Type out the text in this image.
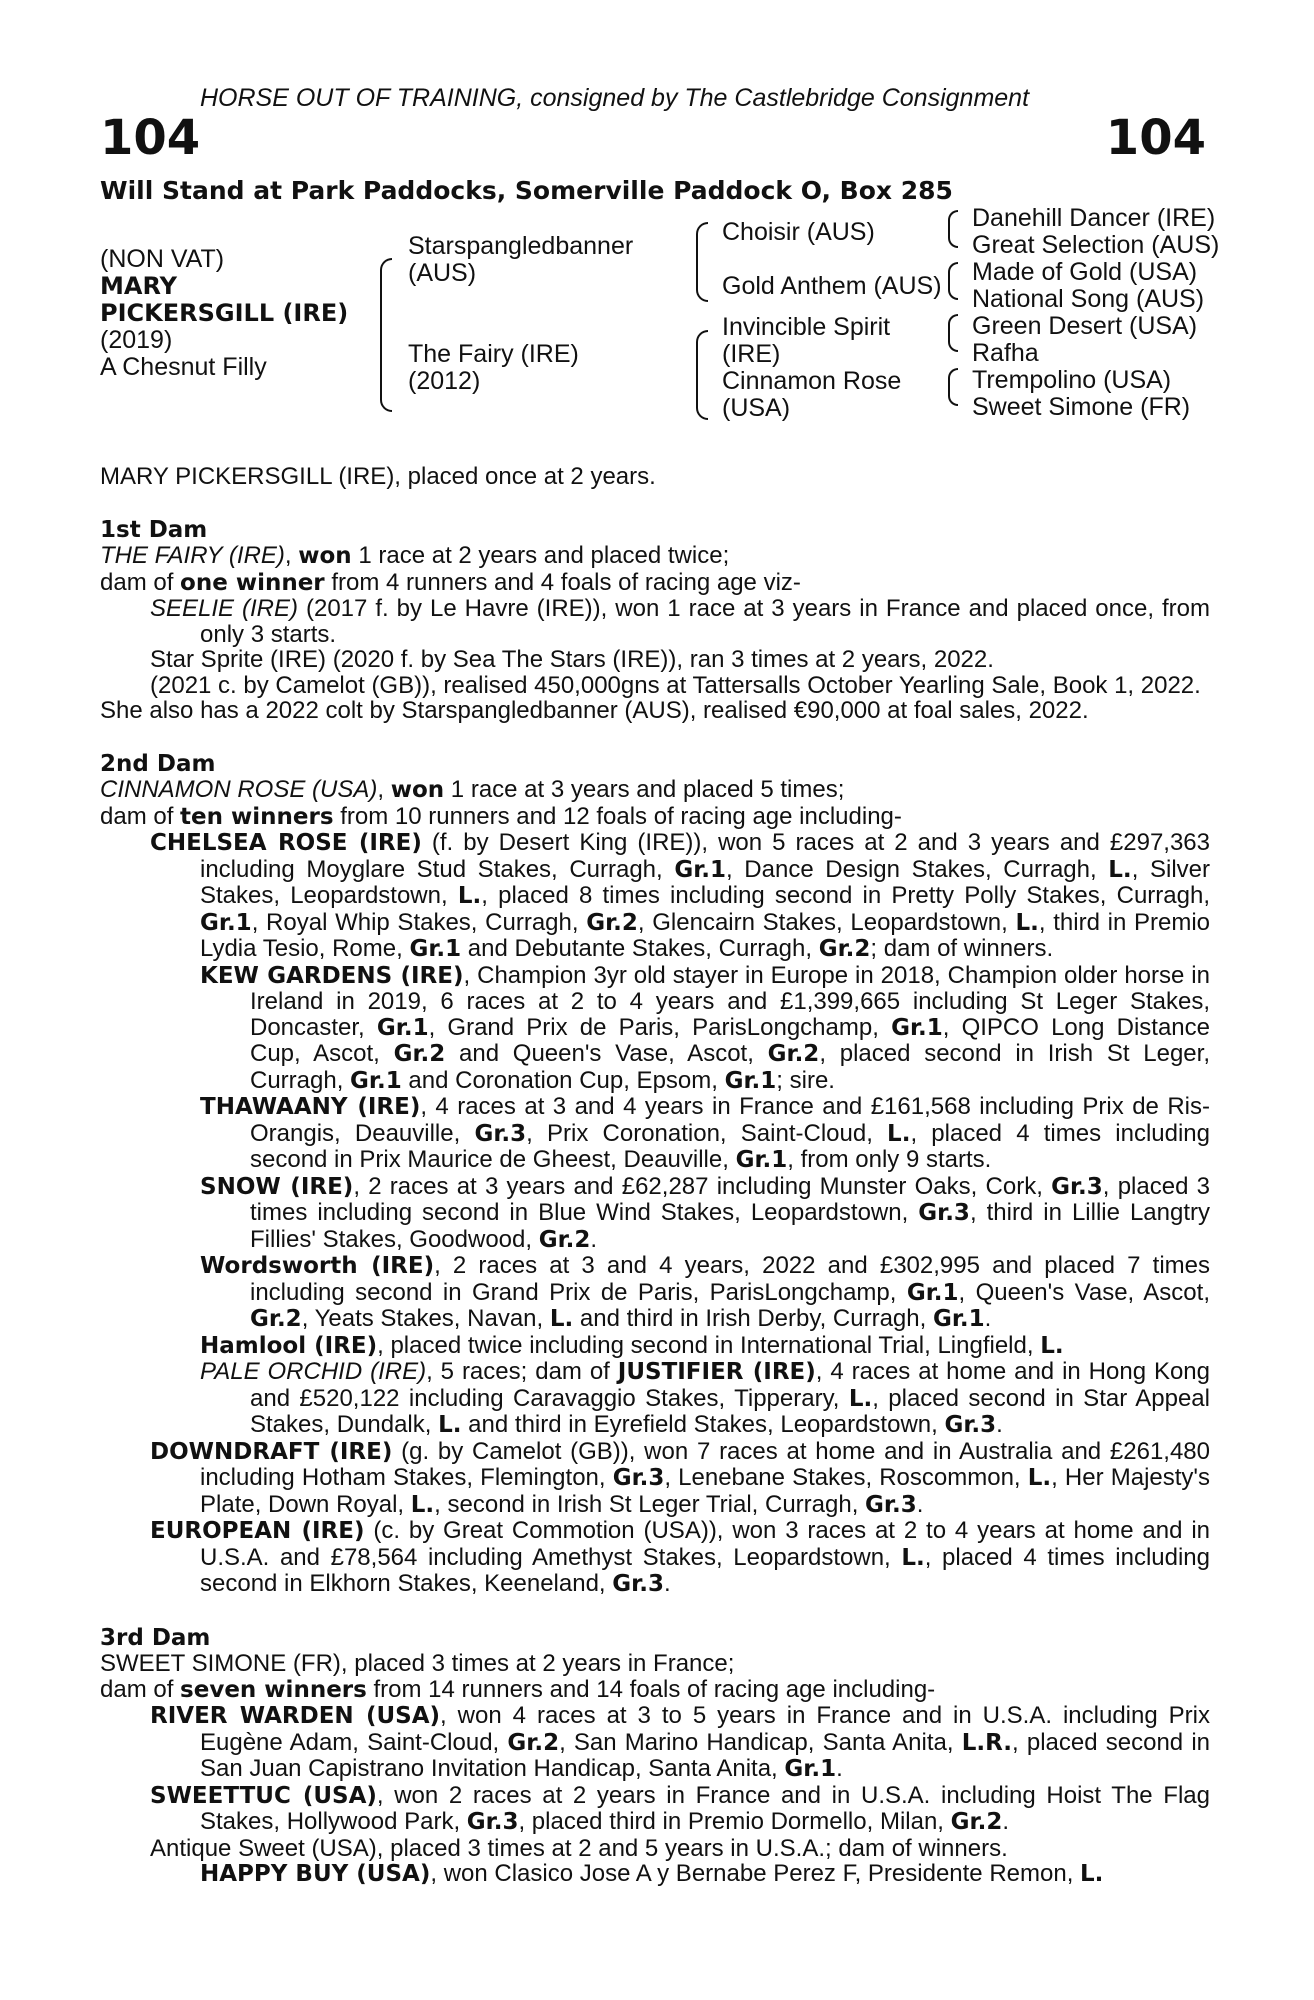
HORSE OUT OF TRAINING, consigned by The Castlebridge Consignment
104	104
Will Stand at Park Paddocks, Somerville Paddock O, Box 285
(NON VAT)
MARY
PICKERSGILL (IRE)
(2019)
A Chesnut Filly
Starspangledbanner
(AUS)
The Fairy (IRE)
(2012)
Choisir (AUS)
Gold Anthem (AUS)
Invincible Spirit
(IRE)
Cinnamon Rose
(USA)
Danehill Dancer (IRE)
Great Selection (AUS)
Made of Gold (USA)
National Song (AUS)
Green Desert (USA)
Rafha
Trempolino (USA)
Sweet Simone (FR)

MARY PICKERSGILL (IRE), placed once at 2 years.

1st Dam

THE FAIRY (IRE), won 1 race at 2 years and placed twice;

dam of one winner from 4 runners and 4 foals of racing age viz-

SEELIE (IRE) (2017 f. by Le Havre (IRE)), won 1 race at 3 years in France and placed once, from only 3 starts.

Star Sprite (IRE) (2020 f. by Sea The Stars (IRE)), ran 3 times at 2 years, 2022.

(2021 c. by Camelot (GB)), realised 450,000gns at Tattersalls October Yearling Sale, Book 1, 2022.

She also has a 2022 colt by Starspangledbanner (AUS), realised €90,000 at foal sales, 2022.

2nd Dam

CINNAMON ROSE (USA), won 1 race at 3 years and placed 5 times;

dam of ten winners from 10 runners and 12 foals of racing age including-

CHELSEA ROSE (IRE) (f. by Desert King (IRE)), won 5 races at 2 and 3 years and £297,363 including Moyglare Stud Stakes, Curragh, Gr.1, Dance Design Stakes, Curragh, L., Silver Stakes, Leopardstown, L., placed 8 times including second in Pretty Polly Stakes, Curragh, Gr.1, Royal Whip Stakes, Curragh, Gr.2, Glencairn Stakes, Leopardstown, L., third in Premio Lydia Tesio, Rome, Gr.1 and Debutante Stakes, Curragh, Gr.2; dam of winners.

KEW GARDENS (IRE), Champion 3yr old stayer in Europe in 2018, Champion older horse in Ireland in 2019, 6 races at 2 to 4 years and £1,399,665 including St Leger Stakes, Doncaster, Gr.1, Grand Prix de Paris, ParisLongchamp, Gr.1, QIPCO Long Distance Cup, Ascot, Gr.2 and Queen's Vase, Ascot, Gr.2, placed second in Irish St Leger, Curragh, Gr.1 and Coronation Cup, Epsom, Gr.1; sire.

THAWAANY (IRE), 4 races at 3 and 4 years in France and £161,568 including Prix de Ris-Orangis, Deauville, Gr.3, Prix Coronation, Saint-Cloud, L., placed 4 times including second in Prix Maurice de Gheest, Deauville, Gr.1, from only 9 starts.

SNOW (IRE), 2 races at 3 years and £62,287 including Munster Oaks, Cork, Gr.3, placed 3 times including second in Blue Wind Stakes, Leopardstown, Gr.3, third in Lillie Langtry Fillies' Stakes, Goodwood, Gr.2.

Wordsworth (IRE), 2 races at 3 and 4 years, 2022 and £302,995 and placed 7 times including second in Grand Prix de Paris, ParisLongchamp, Gr.1, Queen's Vase, Ascot, Gr.2, Yeats Stakes, Navan, L. and third in Irish Derby, Curragh, Gr.1.

Hamlool (IRE), placed twice including second in International Trial, Lingfield, L.

PALE ORCHID (IRE), 5 races; dam of JUSTIFIER (IRE), 4 races at home and in Hong Kong and £520,122 including Caravaggio Stakes, Tipperary, L., placed second in Star Appeal Stakes, Dundalk, L. and third in Eyrefield Stakes, Leopardstown, Gr.3.

DOWNDRAFT (IRE) (g. by Camelot (GB)), won 7 races at home and in Australia and £261,480 including Hotham Stakes, Flemington, Gr.3, Lenebane Stakes, Roscommon, L., Her Majesty's Plate, Down Royal, L., second in Irish St Leger Trial, Curragh, Gr.3.

EUROPEAN (IRE) (c. by Great Commotion (USA)), won 3 races at 2 to 4 years at home and in U.S.A. and £78,564 including Amethyst Stakes, Leopardstown, L., placed 4 times including second in Elkhorn Stakes, Keeneland, Gr.3.

3rd Dam

SWEET SIMONE (FR), placed 3 times at 2 years in France;

dam of seven winners from 14 runners and 14 foals of racing age including-

RIVER WARDEN (USA), won 4 races at 3 to 5 years in France and in U.S.A. including Prix Eugène Adam, Saint-Cloud, Gr.2, San Marino Handicap, Santa Anita, L.R., placed second in San Juan Capistrano Invitation Handicap, Santa Anita, Gr.1.

SWEETTUC (USA), won 2 races at 2 years in France and in U.S.A. including Hoist The Flag Stakes, Hollywood Park, Gr.3, placed third in Premio Dormello, Milan, Gr.2.

Antique Sweet (USA), placed 3 times at 2 and 5 years in U.S.A.; dam of winners.

HAPPY BUY (USA), won Clasico Jose A y Bernabe Perez F, Presidente Remon, L.
